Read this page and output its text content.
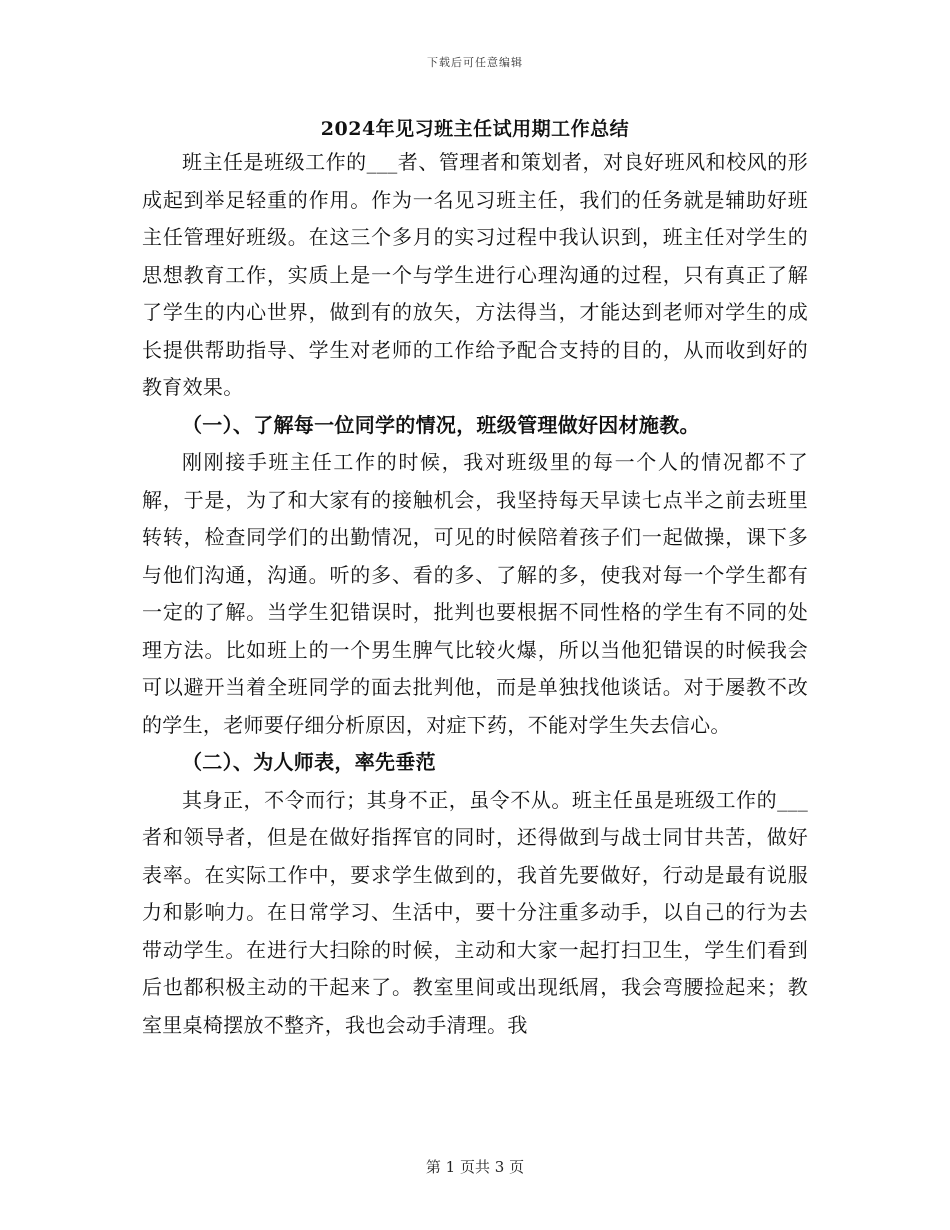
下载后可任意编辑
2024年见习班主任试用期工作总结

班主任是班级工作的___者、管理者和策划者，对良好班风和校风的形成起到举足轻重的作用。作为一名见习班主任，我们的任务就是辅助好班主任管理好班级。在这三个多月的实习过程中我认识到，班主任对学生的思想教育工作，实质上是一个与学生进行心理沟通的过程，只有真正了解了学生的内心世界，做到有的放矢，方法得当，才能达到老师对学生的成长提供帮助指导、学生对老师的工作给予配合支持的目的，从而收到好的教育效果。

（一）、了解每一位同学的情况，班级管理做好因材施教。

刚刚接手班主任工作的时候，我对班级里的每一个人的情况都不了解，于是，为了和大家有的接触机会，我坚持每天早读七点半之前去班里转转，检查同学们的出勤情况，可见的时候陪着孩子们一起做操，课下多与他们沟通，沟通。听的多、看的多、了解的多，使我对每一个学生都有一定的了解。当学生犯错误时，批判也要根据不同性格的学生有不同的处理方法。比如班上的一个男生脾气比较火爆，所以当他犯错误的时候我会可以避开当着全班同学的面去批判他，而是单独找他谈话。对于屡教不改的学生，老师要仔细分析原因，对症下药，不能对学生失去信心。

（二）、为人师表，率先垂范

其身正，不令而行；其身不正，虽令不从。班主任虽是班级工作的___者和领导者，但是在做好指挥官的同时，还得做到与战士同甘共苦，做好表率。在实际工作中，要求学生做到的，我首先要做好，行动是最有说服力和影响力。在日常学习、生活中，要十分注重多动手，以自己的行为去带动学生。在进行大扫除的时候，主动和大家一起打扫卫生，学生们看到后也都积极主动的干起来了。教室里间或出现纸屑，我会弯腰捡起来；教室里桌椅摆放不整齐，我也会动手清理。我

第 1 页共 3 页
